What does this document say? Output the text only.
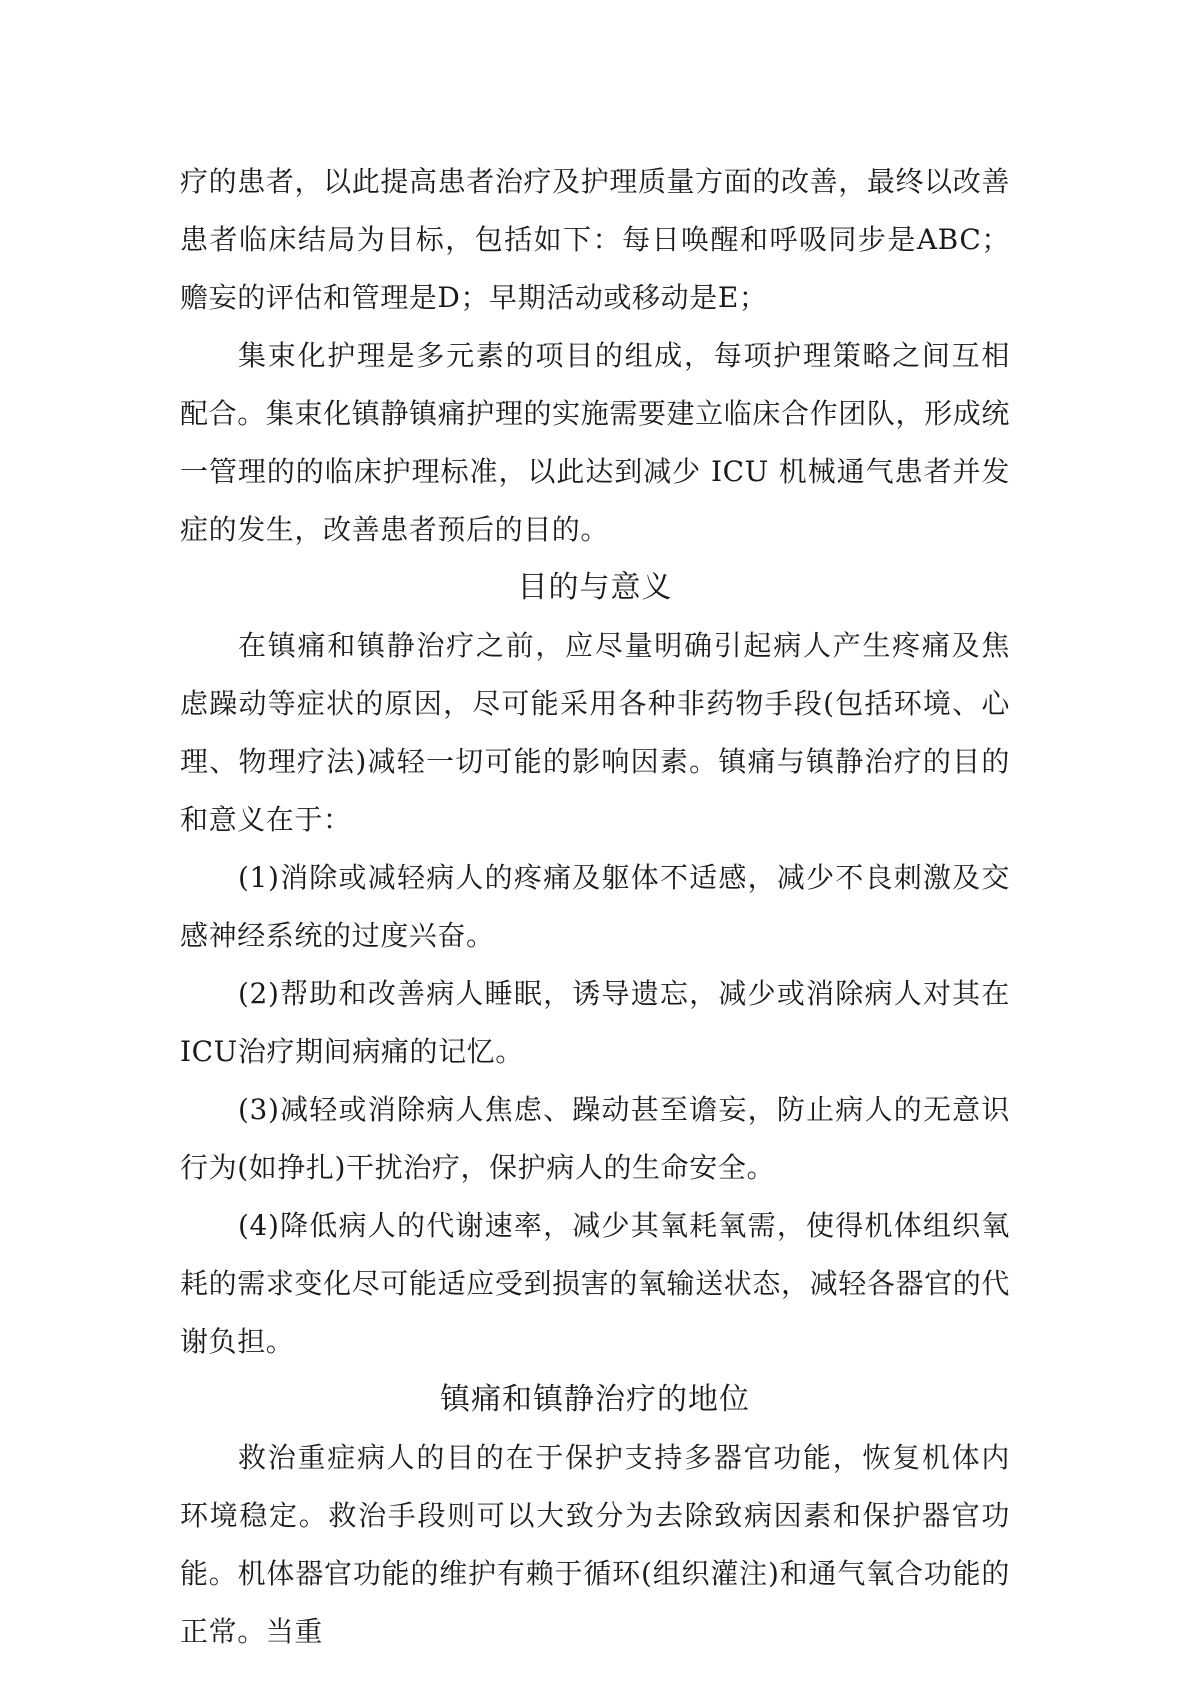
疗的患者，以此提高患者治疗及护理质量方面的改善，最终以改善患者临床结局为目标，包括如下：每日唤醒和呼吸同步是ABC；赡妄的评估和管理是D；早期活动或移动是E；

集束化护理是多元素的项目的组成，每项护理策略之间互相配合。集束化镇静镇痛护理的实施需要建立临床合作团队，形成统一管理的的临床护理标准，以此达到减少 ICU 机械通气患者并发症的发生，改善患者预后的目的。

目的与意义

在镇痛和镇静治疗之前，应尽量明确引起病人产生疼痛及焦虑躁动等症状的原因，尽可能采用各种非药物手段(包括环境、心理、物理疗法)减轻一切可能的影响因素。镇痛与镇静治疗的目的和意义在于：

(1)消除或减轻病人的疼痛及躯体不适感，减少不良刺激及交感神经系统的过度兴奋。

(2)帮助和改善病人睡眠，诱导遗忘，减少或消除病人对其在ICU治疗期间病痛的记忆。

(3)减轻或消除病人焦虑、躁动甚至谵妄，防止病人的无意识行为(如挣扎)干扰治疗，保护病人的生命安全。

(4)降低病人的代谢速率，减少其氧耗氧需，使得机体组织氧耗的需求变化尽可能适应受到损害的氧输送状态，减轻各器官的代谢负担。

镇痛和镇静治疗的地位

救治重症病人的目的在于保护支持多器官功能，恢复机体内环境稳定。救治手段则可以大致分为去除致病因素和保护器官功能。机体器官功能的维护有赖于循环(组织灌注)和通气氧合功能的正常。当重
